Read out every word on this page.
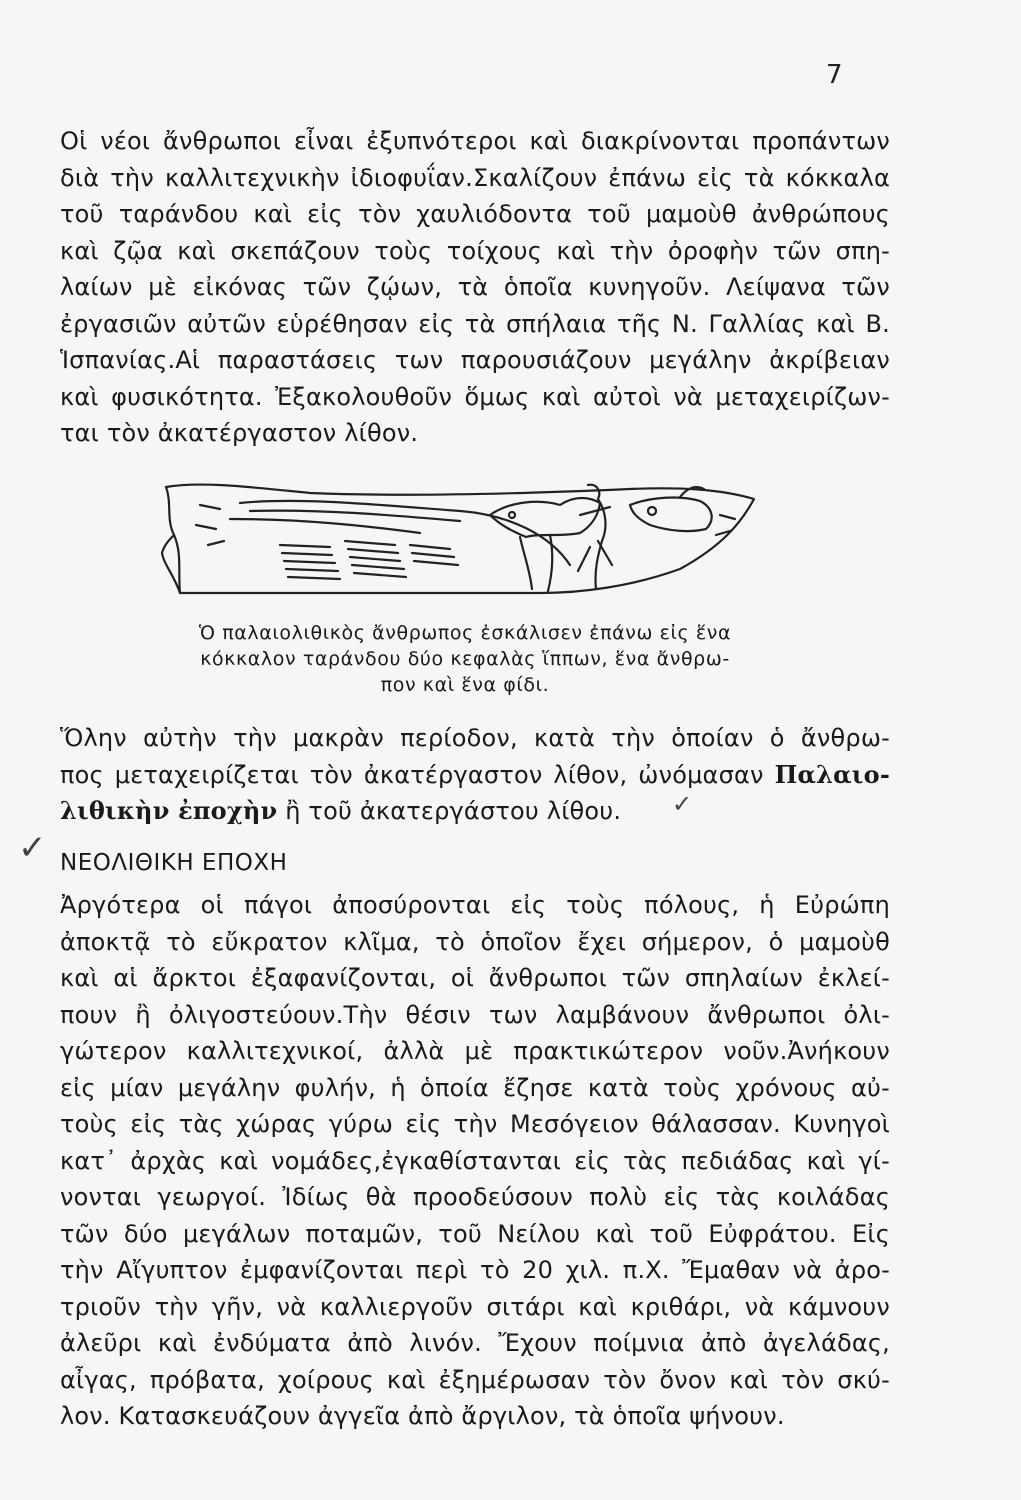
7
Οἱ νέοι ἄνθρωποι εἶναι ἐξυπνότεροι καὶ διακρίνονται προπάντων
διὰ τὴν καλλιτεχνικὴν ἰδιοφυΐαν.Σκαλίζουν ἐπάνω εἰς τὰ κόκκαλα
τοῦ ταράνδου καὶ εἰς τὸν χαυλιόδοντα τοῦ μαμοὺθ ἀνθρώπους
καὶ ζῷα καὶ σκεπάζουν τοὺς τοίχους καὶ τὴν ὀροφὴν τῶν σπη-
λαίων μὲ εἰκόνας τῶν ζῴων, τὰ ὁποῖα κυνηγοῦν. Λείψανα τῶν
ἐργασιῶν αὐτῶν εὑρέθησαν εἰς τὰ σπήλαια τῆς Ν. Γαλλίας καὶ Β.
Ἱσπανίας.Αἱ παραστάσεις των παρουσιάζουν μεγάλην ἀκρίβειαν
καὶ φυσικότητα. Ἐξακολουθοῦν ὅμως καὶ αὐτοὶ νὰ μεταχειρίζων-
ται τὸν ἀκατέργαστον λίθον.
Ὁ παλαιολιθικὸς ἄνθρωπος ἐσκάλισεν ἐπάνω εἰς ἕνα
κόκκαλον ταράνδου δύο κεφαλὰς ἵππων, ἕνα ἄνθρω-
πον καὶ ἕνα φίδι.
Ὅλην αὐτὴν τὴν μακρὰν περίοδον, κατὰ τὴν ὁποίαν ὁ ἄνθρω-
πος μεταχειρίζεται τὸν ἀκατέργαστον λίθον, ὠνόμασαν Παλαιο-
λιθικὴν ἐποχὴν ἢ τοῦ ἀκατεργάστου λίθου.	✓
✓ ΝΕΟΛΙΘΙΚΗ ΕΠΟΧΗ
Ἀργότερα οἱ πάγοι ἀποσύρονται εἰς τοὺς πόλους, ἡ Εὐρώπη
ἀποκτᾷ τὸ εὔκρατον κλῖμα, τὸ ὁποῖον ἔχει σήμερον, ὁ μαμοὺθ
καὶ αἱ ἄρκτοι ἐξαφανίζονται, οἱ ἄνθρωποι τῶν σπηλαίων ἐκλεί-
πουν ἢ ὀλιγοστεύουν.Τὴν θέσιν των λαμβάνουν ἄνθρωποι ὀλι-
γώτερον καλλιτεχνικοί, ἀλλὰ μὲ πρακτικώτερον νοῦν.Ἀνήκουν
εἰς μίαν μεγάλην φυλήν, ἡ ὁποία ἔζησε κατὰ τοὺς χρόνους αὐ-
τοὺς εἰς τὰς χώρας γύρω εἰς τὴν Μεσόγειον θάλασσαν. Κυνηγοὶ
κατ᾽ ἀρχὰς καὶ νομάδες,ἐγκαθίστανται εἰς τὰς πεδιάδας καὶ γί-
νονται γεωργοί. Ἰδίως θὰ προοδεύσουν πολὺ εἰς τὰς κοιλάδας
τῶν δύο μεγάλων ποταμῶν, τοῦ Νείλου καὶ τοῦ Εὐφράτου. Εἰς
τὴν Αἴγυπτον ἐμφανίζονται περὶ τὸ 20 χιλ. π.Χ. Ἔμαθαν νὰ ἀρο-
τριοῦν τὴν γῆν, νὰ καλλιεργοῦν σιτάρι καὶ κριθάρι, νὰ κάμνουν
ἀλεῦρι καὶ ἐνδύματα ἀπὸ λινόν. Ἔχουν ποίμνια ἀπὸ ἀγελάδας,
αἶγας, πρόβατα, χοίρους καὶ ἐξημέρωσαν τὸν ὄνον καὶ τὸν σκύ-
λον. Κατασκευάζουν ἀγγεῖα ἀπὸ ἄργιλον, τὰ ὁποῖα ψήνουν.
